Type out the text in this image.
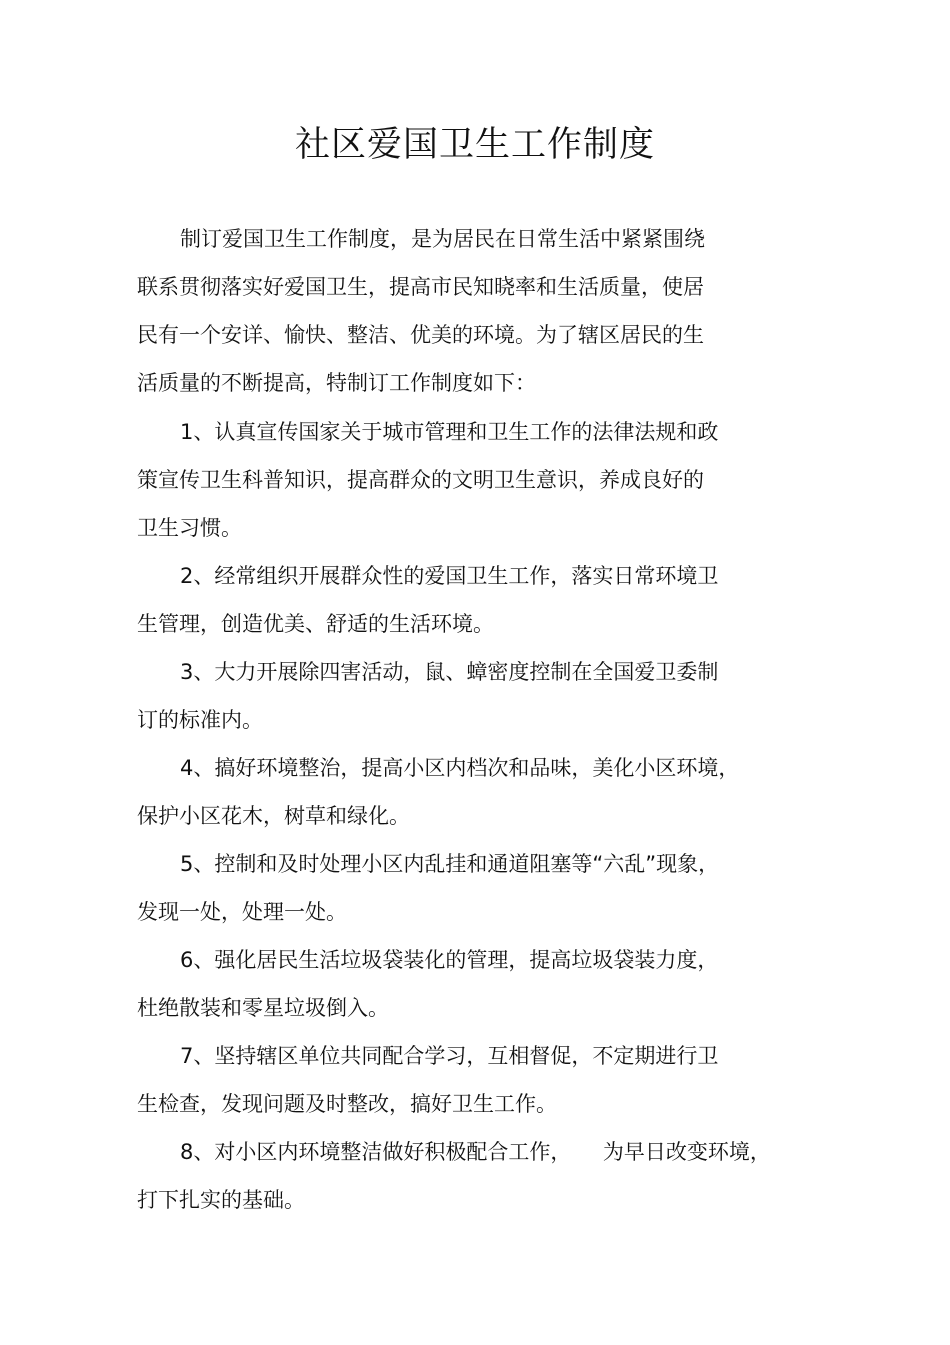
社区爱国卫生工作制度
制订爱国卫生工作制度，是为居民在日常生活中紧紧围绕
联系贯彻落实好爱国卫生，提高市民知晓率和生活质量，使居
民有一个安详、愉快、整洁、优美的环境。为了辖区居民的生
活质量的不断提高，特制订工作制度如下：
1、认真宣传国家关于城市管理和卫生工作的法律法规和政
策宣传卫生科普知识，提高群众的文明卫生意识，养成良好的
卫生习惯。
2、经常组织开展群众性的爱国卫生工作，落实日常环境卫
生管理，创造优美、舒适的生活环境。
3、大力开展除四害活动，鼠、蟑密度控制在全国爱卫委制
订的标准内。
4、搞好环境整治，提高小区内档次和品味，美化小区环境，
保护小区花木，树草和绿化。
5、控制和及时处理小区内乱挂和通道阻塞等“六乱”现象，
发现一处，处理一处。
6、强化居民生活垃圾袋装化的管理，提高垃圾袋装力度，
杜绝散装和零星垃圾倒入。
7、坚持辖区单位共同配合学习，互相督促，不定期进行卫
生检查，发现问题及时整改，搞好卫生工作。
8、对小区内环境整洁做好积极配合工作，　　为早日改变环境，
打下扎实的基础。
